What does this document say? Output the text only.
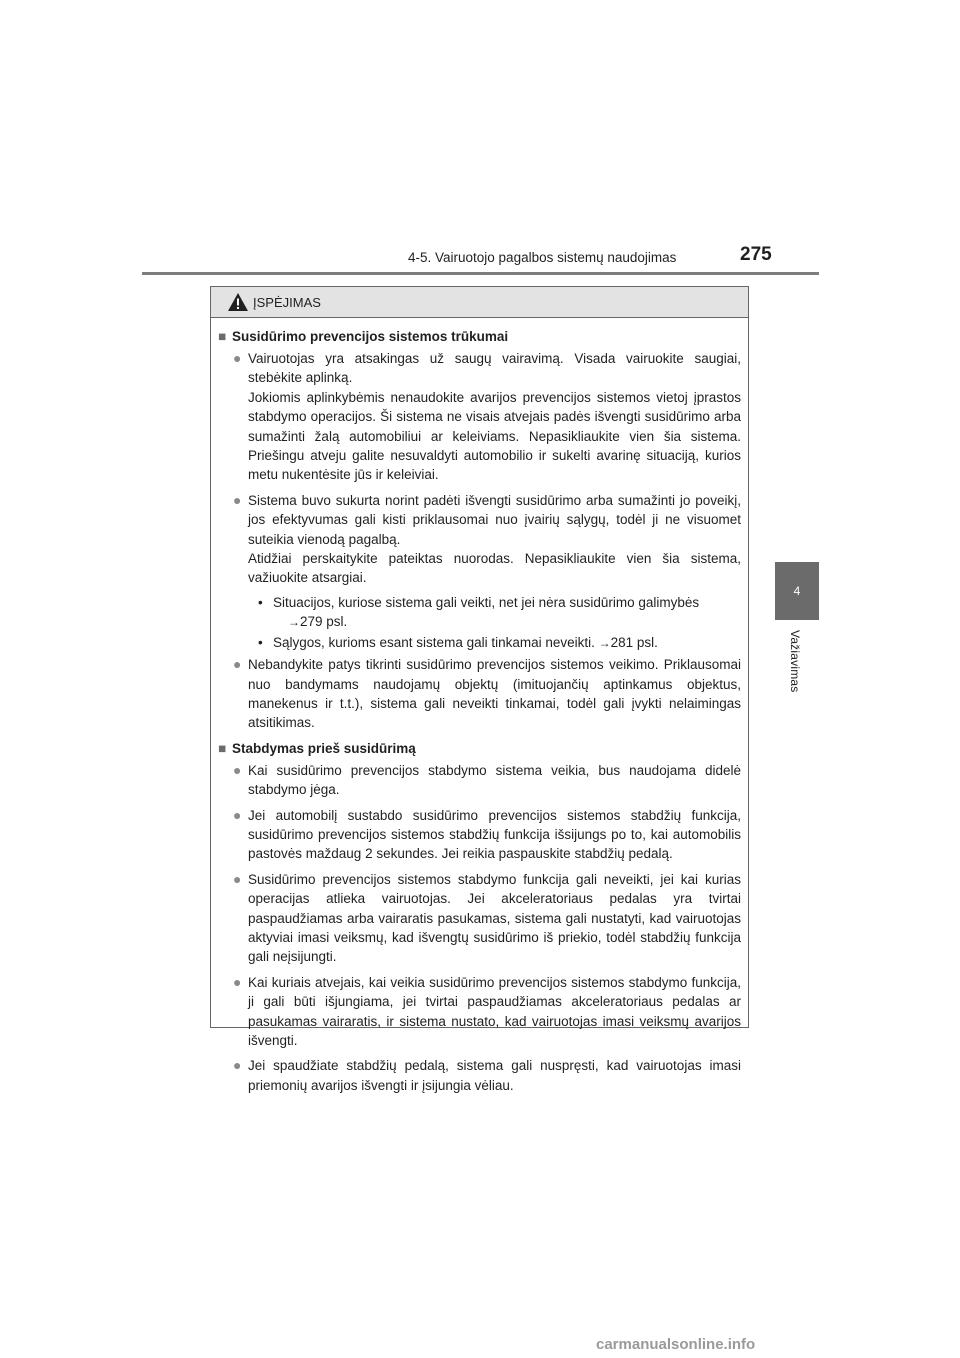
4-5. Vairuotojo pagalbos sistemų naudojimas	275
4
Važiavimas
ĮSPĖJIMAS
■ Susidūrimo prevencijos sistemos trūkumai
● Vairuotojas yra atsakingas už saugų vairavimą. Visada vairuokite saugiai, stebėkite aplinką.

Jokiomis aplinkybėmis nenaudokite avarijos prevencijos sistemos vietoj įprastos stabdymo operacijos. Ši sistema ne visais atvejais padės išvengti susidūrimo arba sumažinti žalą automobiliui ar keleiviams. Nepasikliaukite vien šia sistema. Priešingu atveju galite nesuvaldyti automobilio ir sukelti avarinę situaciją, kurios metu nukentėsite jūs ir keleiviai.

● Sistema buvo sukurta norint padėti išvengti susidūrimo arba sumažinti jo poveikį, jos efektyvumas gali kisti priklausomai nuo įvairių sąlygų, todėl ji ne visuomet suteikia vienodą pagalbą.

Atidžiai perskaitykite pateiktas nuorodas. Nepasikliaukite vien šia sistema, važiuokite atsargiai.

• Situacijos, kuriose sistema gali veikti, net jei nėra susidūrimo galimybės
→279 psl.
• Sąlygos, kurioms esant sistema gali tinkamai neveikti. →281 psl.
● Nebandykite patys tikrinti susidūrimo prevencijos sistemos veikimo. Priklausomai nuo bandymams naudojamų objektų (imituojančių aptinkamus objektus, manekenus ir t.t.), sistema gali neveikti tinkamai, todėl gali įvykti nelaimingas atsitikimas.

■ Stabdymas prieš susidūrimą
● Kai susidūrimo prevencijos stabdymo sistema veikia, bus naudojama didelė stabdymo jėga.

● Jei automobilį sustabdo susidūrimo prevencijos sistemos stabdžių funkcija, susidūrimo prevencijos sistemos stabdžių funkcija išsijungs po to, kai automobilis pastovės maždaug 2 sekundes. Jei reikia paspauskite stabdžių pedalą.

● Susidūrimo prevencijos sistemos stabdymo funkcija gali neveikti, jei kai kurias operacijas atlieka vairuotojas. Jei akceleratoriaus pedalas yra tvirtai paspaudžiamas arba vairaratis pasukamas, sistema gali nustatyti, kad vairuotojas aktyviai imasi veiksmų, kad išvengtų susidūrimo iš priekio, todėl stabdžių funkcija gali neįsijungti.

● Kai kuriais atvejais, kai veikia susidūrimo prevencijos sistemos stabdymo funkcija, ji gali būti išjungiama, jei tvirtai paspaudžiamas akceleratoriaus pedalas ar pasukamas vairaratis, ir sistema nustato, kad vairuotojas imasi veiksmų avarijos išvengti.

● Jei spaudžiate stabdžių pedalą, sistema gali nuspręsti, kad vairuotojas imasi priemonių avarijos išvengti ir įsijungia vėliau.

carmanualsonline.info
